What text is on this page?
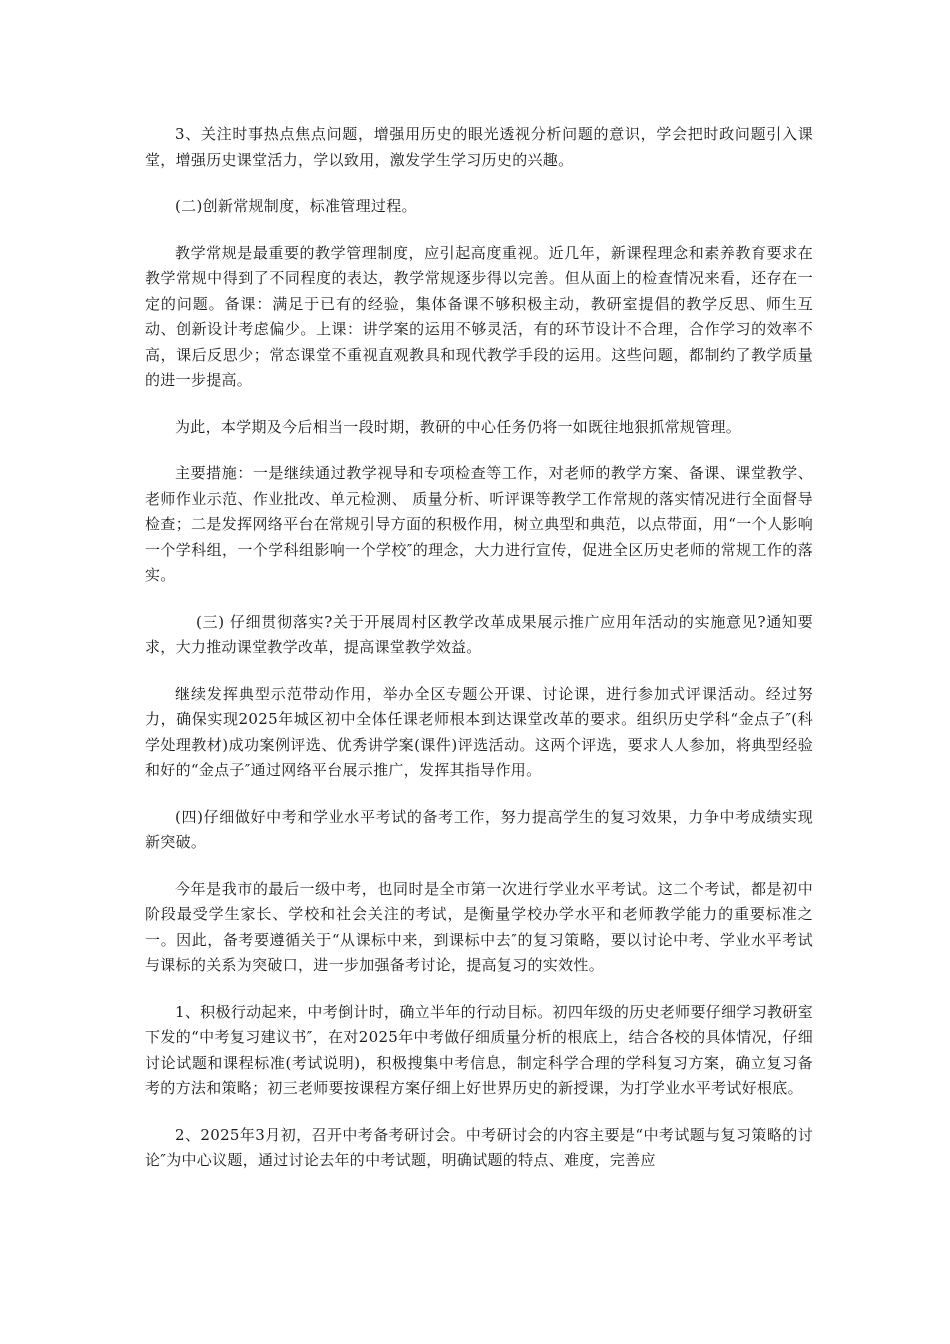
3、关注时事热点焦点问题，增强用历史的眼光透视分析问题的意识，学会把时政问题引入课堂，增强历史课堂活力，学以致用，激发学生学习历史的兴趣。

(二)创新常规制度，标准管理过程。

教学常规是最重要的教学管理制度，应引起高度重视。近几年，新课程理念和素养教育要求在教学常规中得到了不同程度的表达，教学常规逐步得以完善。但从面上的检查情况来看，还存在一定的问题。备课：满足于已有的经验，集体备课不够积极主动，教研室提倡的教学反思、师生互动、创新设计考虑偏少。上课：讲学案的运用不够灵活，有的环节设计不合理，合作学习的效率不高，课后反思少；常态课堂不重视直观教具和现代教学手段的运用。这些问题，都制约了教学质量的进一步提高。

为此，本学期及今后相当一段时期，教研的中心任务仍将一如既往地狠抓常规管理。

主要措施：一是继续通过教学视导和专项检查等工作，对老师的教学方案、备课、课堂教学、老师作业示范、作业批改、单元检测、 质量分析、听评课等教学工作常规的落实情况进行全面督导检查；二是发挥网络平台在常规引导方面的积极作用，树立典型和典范，以点带面，用“一个人影响一个学科组，一个学科组影响一个学校″的理念，大力进行宣传，促进全区历史老师的常规工作的落实。

(三) 仔细贯彻落实?关于开展周村区教学改革成果展示推广应用年活动的实施意见?通知要求，大力推动课堂教学改革，提高课堂教学效益。

继续发挥典型示范带动作用，举办全区专题公开课、讨论课，进行参加式评课活动。经过努力，确保实现2025年城区初中全体任课老师根本到达课堂改革的要求。组织历史学科“金点子″(科学处理教材)成功案例评选、优秀讲学案(课件)评选活动。这两个评选，要求人人参加，将典型经验和好的“金点子″通过网络平台展示推广，发挥其指导作用。

(四)仔细做好中考和学业水平考试的备考工作，努力提高学生的复习效果，力争中考成绩实现新突破。

今年是我市的最后一级中考，也同时是全市第一次进行学业水平考试。这二个考试，都是初中阶段最受学生家长、学校和社会关注的考试，是衡量学校办学水平和老师教学能力的重要标准之一。因此，备考要遵循关于“从课标中来，到课标中去″的复习策略，要以讨论中考、学业水平考试与课标的关系为突破口，进一步加强备考讨论，提高复习的实效性。

1、积极行动起来，中考倒计时，确立半年的行动目标。初四年级的历史老师要仔细学习教研室下发的“中考复习建议书″，在对2025年中考做仔细质量分析的根底上，结合各校的具体情况，仔细讨论试题和课程标准(考试说明)，积极搜集中考信息，制定科学合理的学科复习方案，确立复习备考的方法和策略；初三老师要按课程方案仔细上好世界历史的新授课，为打学业水平考试好根底。

2、2025年3月初，召开中考备考研讨会。中考研讨会的内容主要是“中考试题与复习策略的讨论″为中心议题，通过讨论去年的中考试题，明确试题的特点、难度，完善应
